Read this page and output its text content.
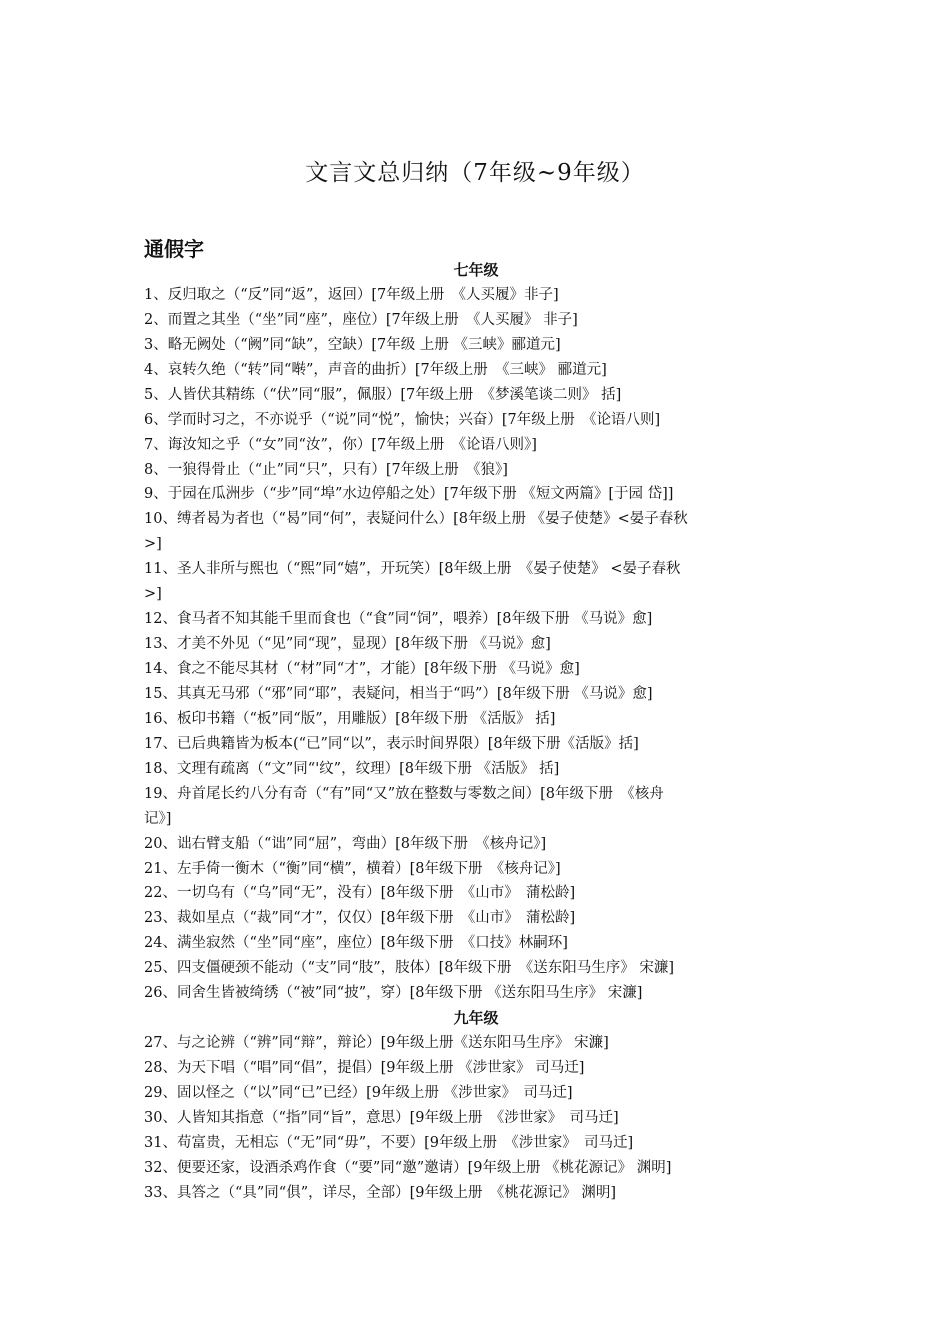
文言文总归纳（7年级~9年级）
通假字
七年级
1、反归取之（“反”同“返”，返回）[7年级上册　《人买履》非子]
2、而置之其坐（“坐”同“座”，座位）[7年级上册　《人买履》 非子]
3、略无阙处（“阙”同“缺”，空缺）[7年级 上册 《三峡》郦道元]
4、哀转久绝（“转”同“啭”，声音的曲折）[7年级上册　《三峡》 郦道元]
5、人皆伏其精练（“伏”同“服”，佩服）[7年级上册　《梦溪笔谈二则》 括]
6、学而时习之，不亦说乎（“说”同“悦”，愉快；兴奋）[7年级上册　《论语八则]
7、诲汝知之乎（“女”同“汝”，你）[7年级上册　《论语八则》]
8、一狼得骨止（“止”同“只”，只有）[7年级上册　《狼》]
9、于园在瓜洲步（“步”同“埠”水边停船之处）[7年级下册 《短文两篇》[于园 岱]]
10、缚者曷为者也（“曷”同“何”，表疑问什么）[8年级上册 《晏子使楚》<晏子春秋
>]
11、圣人非所与熙也（“熙”同“嬉”，开玩笑）[8年级上册　《晏子使楚》 <晏子春秋
>]
12、食马者不知其能千里而食也（“食”同“饲”，喂养）[8年级下册 《马说》愈]
13、才美不外见（“见”同“现”，显现）[8年级下册 《马说》愈]
14、食之不能尽其材（“材”同“才”，才能）[8年级下册 《马说》愈]
15、其真无马邪（“邪”同“耶”，表疑问，相当于“吗”）[8年级下册 《马说》愈]
16、板印书籍（“板”同“版”，用雕版）[8年级下册 《活版》 括]
17、已后典籍皆为板本(“已”同“以”，表示时间界限）[8年级下册《活版》括]
18、文理有疏离（“文”同“'纹”，纹理）[8年级下册 《活版》 括]
19、舟首尾长约八分有奇（“有”同“又”放在整数与零数之间）[8年级下册　《核舟
记》]
20、诎右臂支船（“诎”同“屈”，弯曲）[8年级下册　《核舟记》]
21、左手倚一衡木（“衡”同“横”，横着）[8年级下册　《核舟记》]
22、一切乌有（“乌”同“无”，没有）[8年级下册　《山市》　蒲松龄]
23、裁如星点（“裁”同“才”，仅仅）[8年级下册　《山市》　蒲松龄]
24、满坐寂然（“坐”同“座”，座位）[8年级下册　《口技》林嗣环]
25、四支僵硬颈不能动（“支”同“肢”，肢体）[8年级下册　《送东阳马生序》 宋濂]
26、同舍生皆被绮绣（“被”同“披”，穿）[8年级下册 《送东阳马生序》 宋濂]
九年级
27、与之论辨（“辨”同“辩”，辩论）[9年级上册《送东阳马生序》 宋濂]
28、为天下唱（“唱”同“倡”，提倡）[9年级上册 《涉世家》 司马迁]
29、固以怪之（“以”同“已”已经）[9年级上册 《涉世家》　司马迁]
30、人皆知其指意（“指”同“旨”，意思）[9年级上册　《涉世家》　司马迁]
31、苟富贵，无相忘（“无”同“毋”，不要）[9年级上册　《涉世家》　司马迁]
32、便要还家，设酒杀鸡作食（“要”同“邀”邀请）[9年级上册 《桃花源记》 渊明]
33、具答之（“具”同“俱”，详尽，全部）[9年级上册　《桃花源记》 渊明]
